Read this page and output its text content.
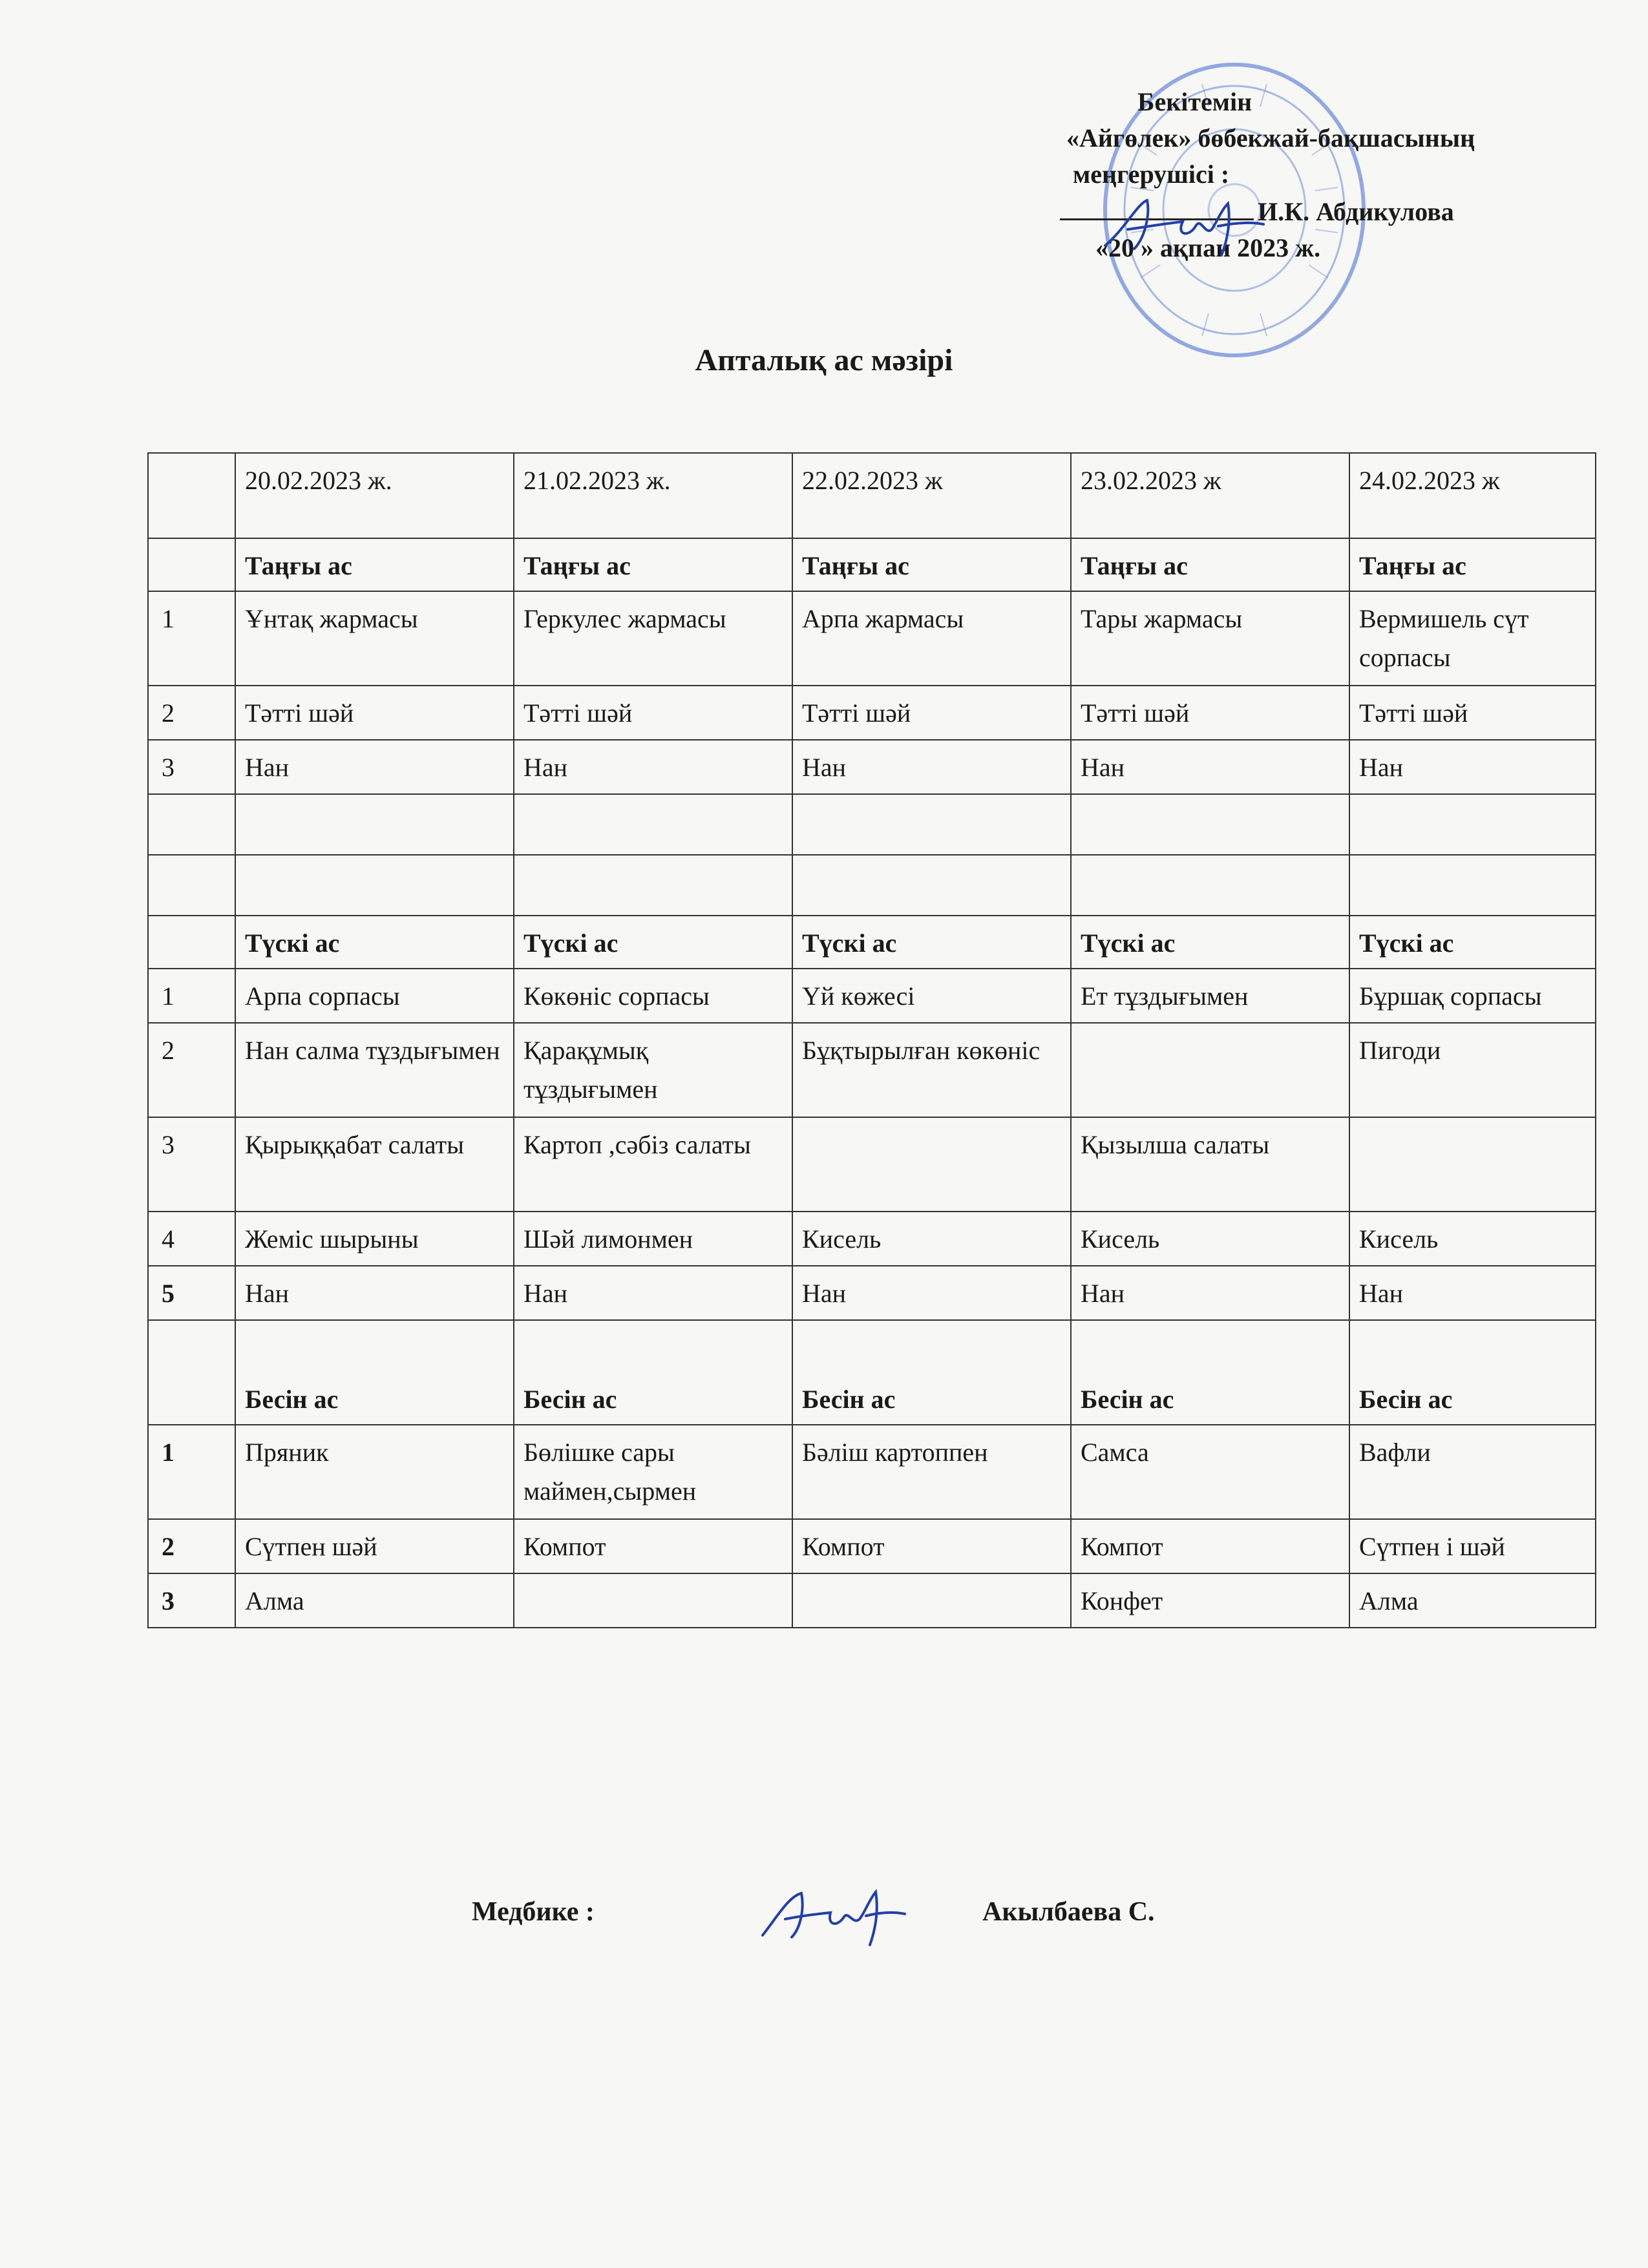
Бекітемін
«Айгөлек» бөбекжай-бақшасының
меңгерушісі :
И.К. Абдикулова
«20 » ақпан 2023 ж.
Апталық ас мәзірі
	20.02.2023 ж.	21.02.2023 ж.	22.02.2023 ж	23.02.2023 ж	24.02.2023 ж
	Таңғы ас	Таңғы ас	Таңғы ас	Таңғы ас	Таңғы ас
1	Ұнтақ жармасы	Геркулес жармасы	Арпа жармасы	Тары жармасы	Вермишель сүт сорпасы
2	Тәтті шәй	Тәтті шәй	Тәтті шәй	Тәтті шәй	Тәтті шәй
3	Нан	Нан	Нан	Нан	Нан

	Түскі ас	Түскі ас	Түскі ас	Түскі ас	Түскі ас
1	Арпа сорпасы	Көкөніс сорпасы	Үй көжесі	Ет тұздығымен	Бұршақ сорпасы
2	Нан салма тұздығымен	Қарақұмық тұздығымен	Бұқтырылған көкөніс		Пигоди
3	Қырыққабат салаты	Картоп ,сәбіз салаты		Қызылша салаты	
4	Жеміс шырыны	Шәй лимонмен	Кисель	Кисель	Кисель
5	Нан	Нан	Нан	Нан	Нан
	Бесін ас	Бесін ас	Бесін ас	Бесін ас	Бесін ас
1	Пряник	Бөлішке сары маймен,сырмен	Бәліш картоппен	Самса	Вафли
2	Сүтпен шәй	Компот	Компот	Компот	Сүтпен і шәй
3	Алма			Конфет	Алма
Медбике :	Акылбаева С.
